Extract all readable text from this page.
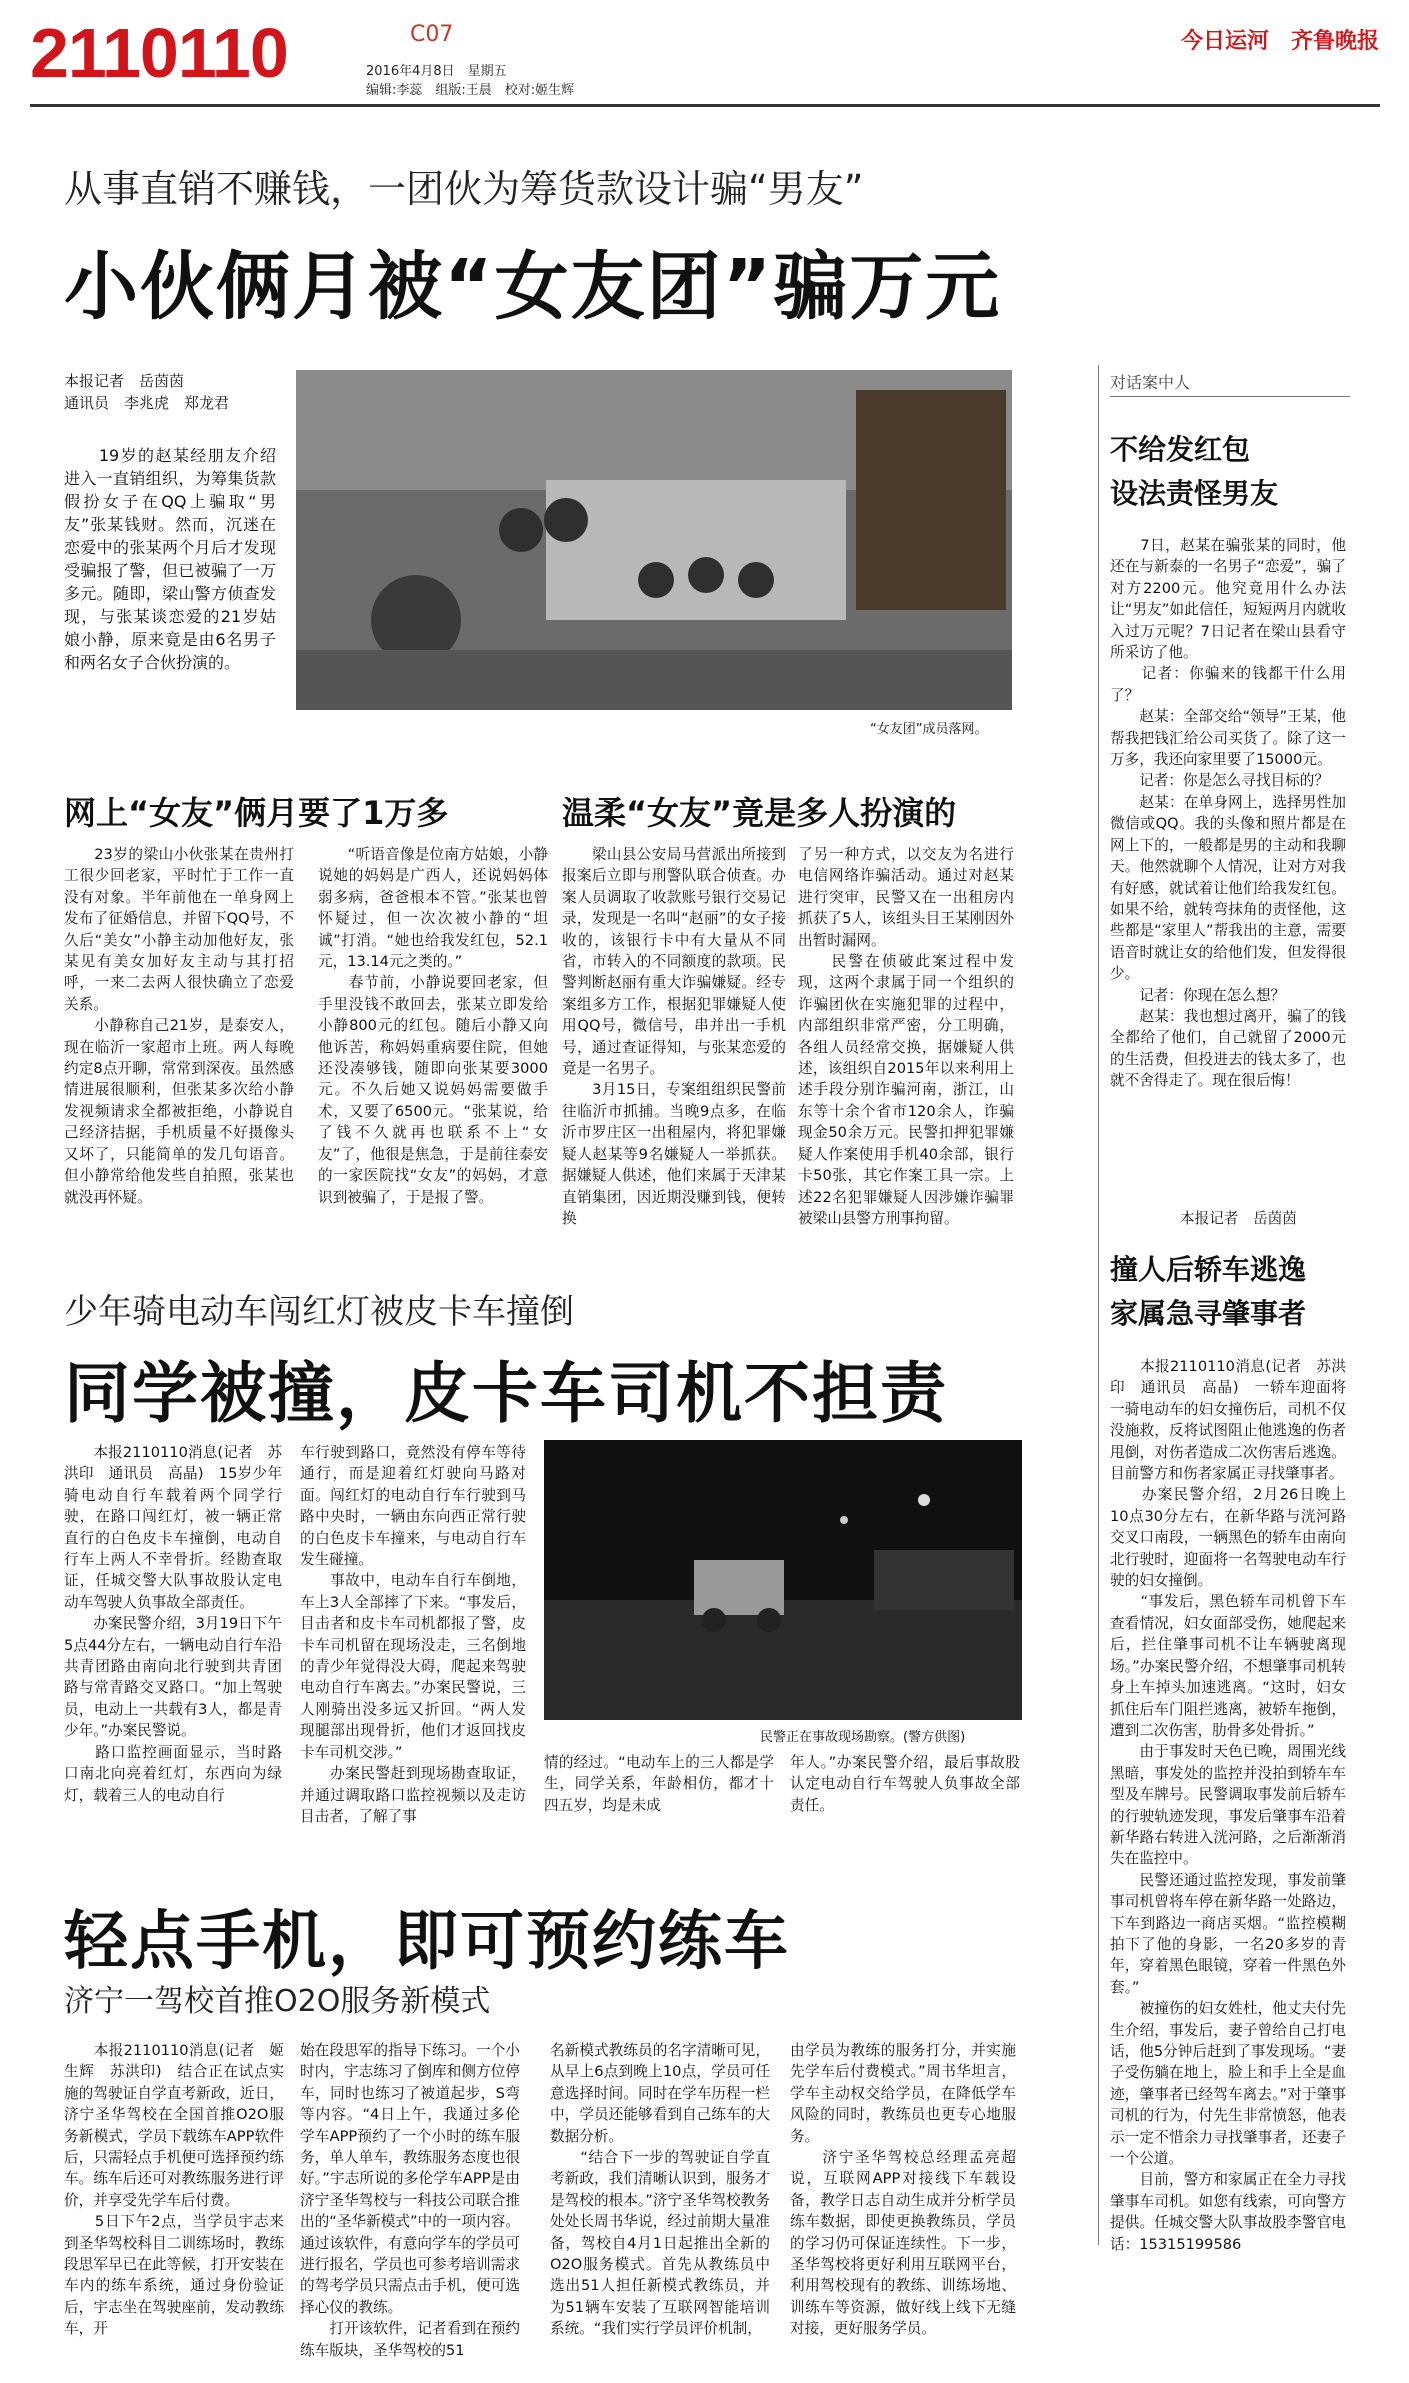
2110110	C07
2016年4月8日　星期五
编辑:李蕊　组版:王晨　校对:姬生辉
今日运河　齐鲁晚报
从事直销不赚钱，一团伙为筹货款设计骗“男友”
小伙俩月被“女友团”骗万元
本报记者　岳茵茵
通讯员　李兆虎　郑龙君
　　19岁的赵某经朋友介绍进入一直销组织，为筹集货款假扮女子在QQ上骗取“男友”张某钱财。然而，沉迷在恋爱中的张某两个月后才发现受骗报了警，但已被骗了一万多元。随即，梁山警方侦查发现，与张某谈恋爱的21岁姑娘小静，原来竟是由6名男子和两名女子合伙扮演的。
“女友团”成员落网。
网上“女友”俩月要了1万多	温柔“女友”竟是多人扮演的
　　23岁的梁山小伙张某在贵州打工很少回老家，平时忙于工作一直没有对象。半年前他在一单身网上发布了征婚信息，并留下QQ号，不久后“美女”小静主动加他好友，张某见有美女加好友主动与其打招呼，一来二去两人很快确立了恋爱关系。
　　小静称自己21岁，是泰安人，现在临沂一家超市上班。两人每晚约定8点开聊，常常到深夜。虽然感情进展很顺利，但张某多次给小静发视频请求全都被拒绝，小静说自己经济拮据，手机质量不好摄像头又坏了，只能简单的发几句语音。但小静常给他发些自拍照，张某也就没再怀疑。
　　“听语音像是位南方姑娘，小静说她的妈妈是广西人，还说妈妈体弱多病，爸爸根本不管。”张某也曾怀疑过，但一次次被小静的“坦诚”打消。“她也给我发红包，52.1元，13.14元之类的。”
　　春节前，小静说要回老家，但手里没钱不敢回去，张某立即发给小静800元的红包。随后小静又向他诉苦，称妈妈重病要住院，但她还没凑够钱，随即向张某要3000元。不久后她又说妈妈需要做手术，又要了6500元。“张某说，给了钱不久就再也联系不上“女友”了，他很是焦急，于是前往泰安的一家医院找“女友”的妈妈，才意识到被骗了，于是报了警。
　　梁山县公安局马营派出所接到报案后立即与刑警队联合侦查。办案人员调取了收款账号银行交易记录，发现是一名叫“赵丽”的女子接收的，该银行卡中有大量从不同省，市转入的不同额度的款项。民警判断赵丽有重大诈骗嫌疑。经专案组多方工作，根据犯罪嫌疑人使用QQ号，微信号，串并出一手机号，通过查证得知，与张某恋爱的竟是一名男子。
　　3月15日，专案组组织民警前往临沂市抓捕。当晚9点多，在临沂市罗庄区一出租屋内，将犯罪嫌疑人赵某等9名嫌疑人一举抓获。据嫌疑人供述，他们来属于天津某直销集团，因近期没赚到钱，便转换
了另一种方式，以交友为名进行电信网络诈骗活动。通过对赵某进行突审，民警又在一出租房内抓获了5人，该组头目王某刚因外出暂时漏网。
　　民警在侦破此案过程中发现，这两个隶属于同一个组织的诈骗团伙在实施犯罪的过程中，内部组织非常严密，分工明确，各组人员经常交换，据嫌疑人供述，该组织自2015年以来利用上述手段分别诈骗河南，浙江，山东等十余个省市120余人，诈骗现金50余万元。民警扣押犯罪嫌疑人作案使用手机40余部，银行卡50张，其它作案工具一宗。上述22名犯罪嫌疑人因涉嫌诈骗罪被梁山县警方刑事拘留。
对话案中人
不给发红包
设法责怪男友
　　7日，赵某在骗张某的同时，他还在与新泰的一名男子“恋爱”，骗了对方2200元。他究竟用什么办法让“男友”如此信任，短短两月内就收入过万元呢？7日记者在梁山县看守所采访了他。
　　记者：你骗来的钱都干什么用了？
　　赵某：全部交给“领导”王某，他帮我把钱汇给公司买货了。除了这一万多，我还向家里要了15000元。
　　记者：你是怎么寻找目标的？
　　赵某：在单身网上，选择男性加微信或QQ。我的头像和照片都是在网上下的，一般都是男的主动和我聊天。他然就聊个人情况，让对方对我有好感，就试着让他们给我发红包。如果不给，就转弯抹角的责怪他，这些都是“家里人”帮我出的主意，需要语音时就让女的给他们发，但发得很少。
　　记者：你现在怎么想？
　　赵某：我也想过离开，骗了的钱全都给了他们，自己就留了2000元的生活费，但投进去的钱太多了，也就不舍得走了。现在很后悔！
本报记者　岳茵茵
少年骑电动车闯红灯被皮卡车撞倒
同学被撞，皮卡车司机不担责
　　本报2110110消息(记者　苏洪印　通讯员　高晶)　15岁少年骑电动自行车载着两个同学行驶，在路口闯红灯，被一辆正常直行的白色皮卡车撞倒，电动自行车上两人不幸骨折。经勘查取证，任城交警大队事故股认定电动车驾驶人负事故全部责任。
　　办案民警介绍，3月19日下午5点44分左右，一辆电动自行车沿共青团路由南向北行驶到共青团路与常青路交叉路口。“加上驾驶员，电动上一共载有3人，都是青少年。”办案民警说。
　　路口监控画面显示，当时路口南北向亮着红灯，东西向为绿灯，载着三人的电动自行
车行驶到路口，竟然没有停车等待通行，而是迎着红灯驶向马路对面。闯红灯的电动自行车行驶到马路中央时，一辆由东向西正常行驶的白色皮卡车撞来，与电动自行车发生碰撞。
　　事故中，电动车自行车倒地，车上3人全部摔了下来。“事发后，目击者和皮卡车司机都报了警，皮卡车司机留在现场没走，三名倒地的青少年觉得没大碍，爬起来驾驶电动自行车离去。”办案民警说，三人刚骑出没多远又折回。“两人发现腿部出现骨折，他们才返回找皮卡车司机交涉。”
　　办案民警赶到现场勘查取证，并通过调取路口监控视频以及走访目击者，了解了事
民警正在事故现场勘察。(警方供图)
情的经过。“电动车上的三人都是学生，同学关系，年龄相仿，都才十四五岁，均是未成
年人。”办案民警介绍，最后事故股认定电动自行车驾驶人负事故全部责任。
撞人后轿车逃逸
家属急寻肇事者
　　本报2110110消息(记者　苏洪印　通讯员　高晶)　一轿车迎面将一骑电动车的妇女撞伤后，司机不仅没施救，反将试图阻止他逃逸的伤者甩倒，对伤者造成二次伤害后逃逸。目前警方和伤者家属正寻找肇事者。
　　办案民警介绍，2月26日晚上10点30分左右，在新华路与洸河路交叉口南段，一辆黑色的轿车由南向北行驶时，迎面将一名驾驶电动车行驶的妇女撞倒。
　　“事发后，黑色轿车司机曾下车查看情况，妇女面部受伤，她爬起来后，拦住肇事司机不让车辆驶离现场。”办案民警介绍，不想肇事司机转身上车掉头加速逃离。“这时，妇女抓住后车门阻拦逃离，被轿车拖倒，遭到二次伤害，肋骨多处骨折。”
　　由于事发时天色已晚，周围光线黑暗，事发处的监控并没拍到轿车车型及车牌号。民警调取事发前后轿车的行驶轨迹发现，事发后肇事车沿着新华路右转进入洸河路，之后渐渐消失在监控中。
　　民警还通过监控发现，事发前肇事司机曾将车停在新华路一处路边，下车到路边一商店买烟。“监控模糊拍下了他的身影，一名20多岁的青年，穿着黑色眼镜，穿着一件黑色外套。”
　　被撞伤的妇女姓杜，他丈夫付先生介绍，事发后，妻子曾给自己打电话，他5分钟后赶到了事发现场。“妻子受伤躺在地上，脸上和手上全是血迹，肇事者已经驾车离去。”对于肇事司机的行为，付先生非常愤怒，他表示一定不惜余力寻找肇事者，还妻子一个公道。
　　目前，警方和家属正在全力寻找肇事车司机。如您有线索，可向警方提供。任城交警大队事故股李警官电话：15315199586
轻点手机，即可预约练车
济宁一驾校首推O2O服务新模式
　　本报2110110消息(记者　姬生辉　苏洪印)　结合正在试点实施的驾驶证自学直考新政，近日，济宁圣华驾校在全国首推O2O服务新模式，学员下载练车APP软件后，只需轻点手机便可选择预约练车。练车后还可对教练服务进行评价，并享受先学车后付费。
　　5日下午2点，当学员宇志来到圣华驾校科目二训练场时，教练段思军早已在此等候，打开安装在车内的练车系统，通过身份验证后，宇志坐在驾驶座前，发动教练车，开
始在段思军的指导下练习。一个小时内，宇志练习了倒库和侧方位停车，同时也练习了被道起步，S弯等内容。“4日上午，我通过多伦学车APP预约了一个小时的练车服务，单人单车，教练服务态度也很好。”宇志所说的多伦学车APP是由济宁圣华驾校与一科技公司联合推出的“圣华新模式”中的一项内容。通过该软件，有意向学车的学员可进行报名，学员也可参考培训需求的驾考学员只需点击手机，便可选择心仪的教练。
　　打开该软件，记者看到在预约练车版块，圣华驾校的51
名新模式教练员的名字清晰可见，从早上6点到晚上10点，学员可任意选择时间。同时在学车历程一栏中，学员还能够看到自己练车的大数据分析。
　　“结合下一步的驾驶证自学直考新政，我们清晰认识到，服务才是驾校的根本。”济宁圣华驾校教务处处长周书华说，经过前期大量准备，驾校自4月1日起推出全新的O2O服务模式。首先从教练员中选出51人担任新模式教练员，并为51辆车安装了互联网智能培训系统。“我们实行学员评价机制，
由学员为教练的服务打分，并实施先学车后付费模式。”周书华坦言，学车主动权交给学员，在降低学车风险的同时，教练员也更专心地服务。
　　济宁圣华驾校总经理孟亮超说，互联网APP对接线下车载设备，教学日志自动生成并分析学员练车数据，即使更换教练员，学员的学习仍可保证连续性。下一步，圣华驾校将更好利用互联网平台，利用驾校现有的教练、训练场地、训练车等资源，做好线上线下无缝对接，更好服务学员。
